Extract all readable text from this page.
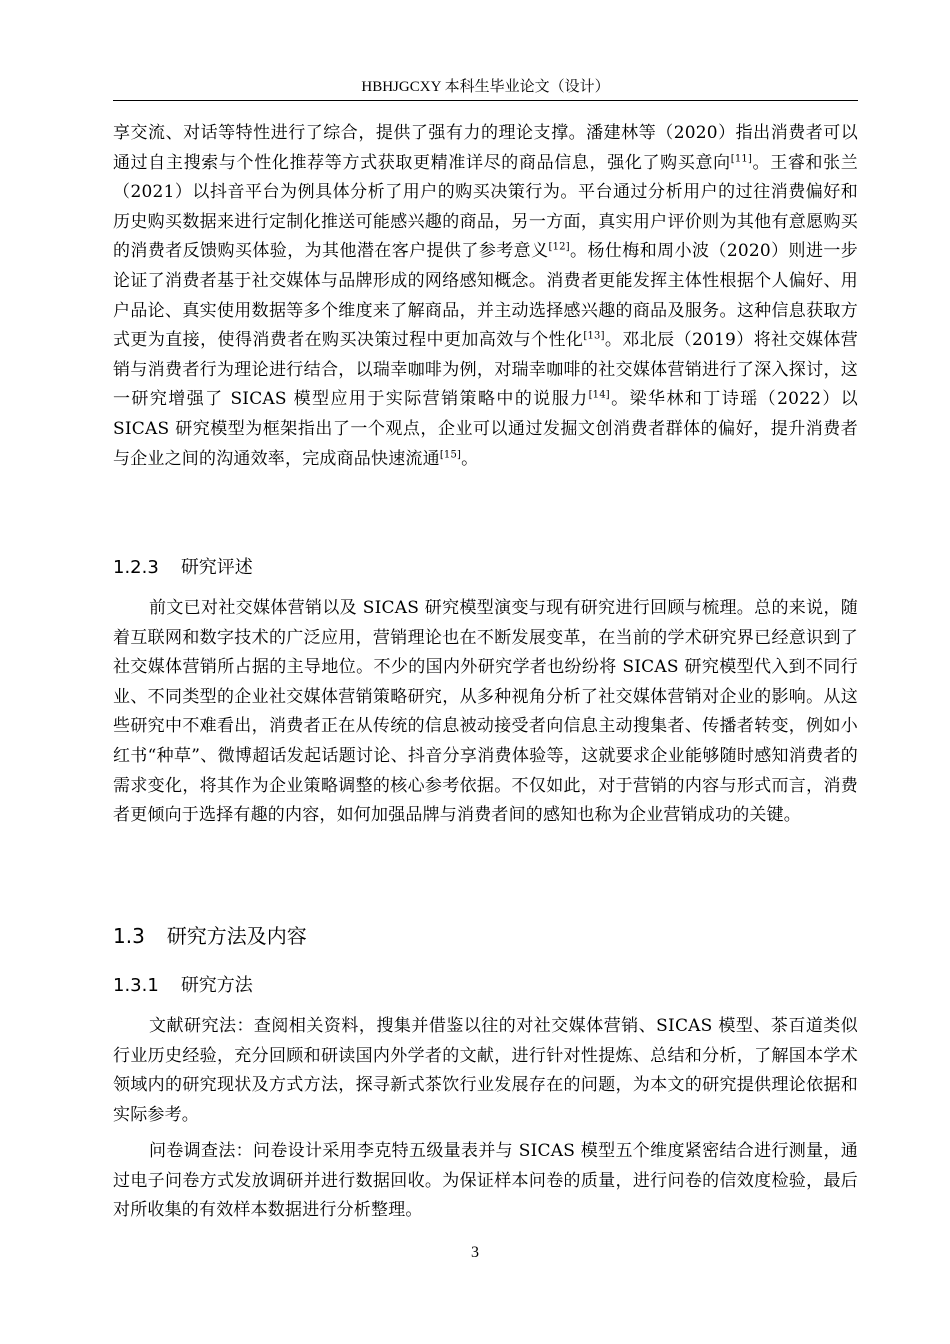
HBHJGCXY 本科生毕业论文（设计）

享交流、对话等特性进行了综合，提供了强有力的理论支撑。潘建林等（2020）指出消费者可以通过自主搜索与个性化推荐等方式获取更精准详尽的商品信息，强化了购买意向[11]。王睿和张兰（2021）以抖音平台为例具体分析了用户的购买决策行为。平台通过分析用户的过往消费偏好和历史购买数据来进行定制化推送可能感兴趣的商品，另一方面，真实用户评价则为其他有意愿购买的消费者反馈购买体验，为其他潜在客户提供了参考意义[12]。杨仕梅和周小波（2020）则进一步论证了消费者基于社交媒体与品牌形成的网络感知概念。消费者更能发挥主体性根据个人偏好、用户品论、真实使用数据等多个维度来了解商品，并主动选择感兴趣的商品及服务。这种信息获取方式更为直接，使得消费者在购买决策过程中更加高效与个性化[13]。邓北辰（2019）将社交媒体营销与消费者行为理论进行结合，以瑞幸咖啡为例，对瑞幸咖啡的社交媒体营销进行了深入探讨，这一研究增强了 SICAS 模型应用于实际营销策略中的说服力[14]。梁华林和丁诗瑶（2022）以 SICAS 研究模型为框架指出了一个观点，企业可以通过发掘文创消费者群体的偏好，提升消费者与企业之间的沟通效率，完成商品快速流通[15]。

1.2.3 研究评述

前文已对社交媒体营销以及 SICAS 研究模型演变与现有研究进行回顾与梳理。总的来说，随着互联网和数字技术的广泛应用，营销理论也在不断发展变革，在当前的学术研究界已经意识到了社交媒体营销所占据的主导地位。不少的国内外研究学者也纷纷将 SICAS 研究模型代入到不同行业、不同类型的企业社交媒体营销策略研究，从多种视角分析了社交媒体营销对企业的影响。从这些研究中不难看出，消费者正在从传统的信息被动接受者向信息主动搜集者、传播者转变，例如小红书“种草”、微博超话发起话题讨论、抖音分享消费体验等，这就要求企业能够随时感知消费者的需求变化，将其作为企业策略调整的核心参考依据。不仅如此，对于营销的内容与形式而言，消费者更倾向于选择有趣的内容，如何加强品牌与消费者间的感知也称为企业营销成功的关键。

1.3 研究方法及内容
1.3.1 研究方法

文献研究法：查阅相关资料，搜集并借鉴以往的对社交媒体营销、SICAS 模型、茶百道类似行业历史经验，充分回顾和研读国内外学者的文献，进行针对性提炼、总结和分析，了解国本学术领域内的研究现状及方式方法，探寻新式茶饮行业发展存在的问题，为本文的研究提供理论依据和实际参考。

问卷调查法：问卷设计采用李克特五级量表并与 SICAS 模型五个维度紧密结合进行测量，通过电子问卷方式发放调研并进行数据回收。为保证样本问卷的质量，进行问卷的信效度检验，最后对所收集的有效样本数据进行分析整理。

3
